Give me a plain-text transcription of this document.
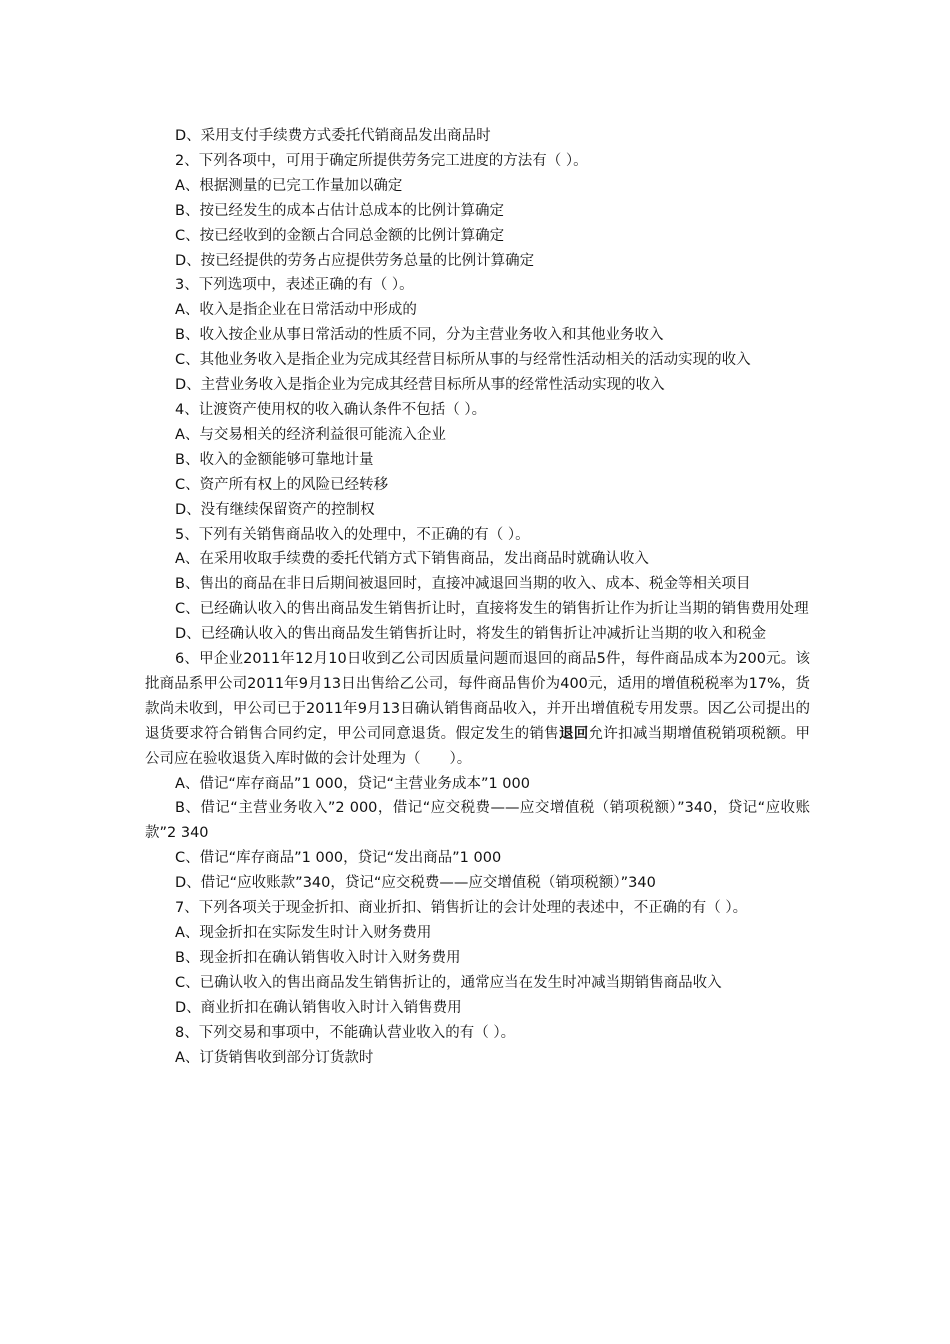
D、采用支付手续费方式委托代销商品发出商品时

2、下列各项中，可用于确定所提供劳务完工进度的方法有（ ）。

A、根据测量的已完工作量加以确定

B、按已经发生的成本占估计总成本的比例计算确定

C、按已经收到的金额占合同总金额的比例计算确定

D、按已经提供的劳务占应提供劳务总量的比例计算确定

3、下列选项中，表述正确的有（ ）。

A、收入是指企业在日常活动中形成的

B、收入按企业从事日常活动的性质不同，分为主营业务收入和其他业务收入

C、其他业务收入是指企业为完成其经营目标所从事的与经常性活动相关的活动实现的收入

D、主营业务收入是指企业为完成其经营目标所从事的经常性活动实现的收入

4、让渡资产使用权的收入确认条件不包括（ ）。

A、与交易相关的经济利益很可能流入企业

B、收入的金额能够可靠地计量

C、资产所有权上的风险已经转移

D、没有继续保留资产的控制权

5、下列有关销售商品收入的处理中，不正确的有（ ）。

A、在采用收取手续费的委托代销方式下销售商品，发出商品时就确认收入

B、售出的商品在非日后期间被退回时，直接冲减退回当期的收入、成本、税金等相关项目

C、已经确认收入的售出商品发生销售折让时，直接将发生的销售折让作为折让当期的销售费用处理

D、已经确认收入的售出商品发生销售折让时，将发生的销售折让冲减折让当期的收入和税金

6、甲企业2011年12月10日收到乙公司因质量问题而退回的商品5件，每件商品成本为200元。该批商品系甲公司2011年9月13日出售给乙公司，每件商品售价为400元，适用的增值税税率为17%，货款尚未收到，甲公司已于2011年9月13日确认销售商品收入，并开出增值税专用发票。因乙公司提出的退货要求符合销售合同约定，甲公司同意退货。假定发生的销售退回允许扣减当期增值税销项税额。甲公司应在验收退货入库时做的会计处理为（　　）。

A、借记“库存商品”1 000，贷记“主营业务成本”1 000

B、借记“主营业务收入”2 000，借记“应交税费——应交增值税（销项税额）”340，贷记“应收账款”2 340

C、借记“库存商品”1 000，贷记“发出商品”1 000

D、借记“应收账款”340，贷记“应交税费——应交增值税（销项税额）”340

7、下列各项关于现金折扣、商业折扣、销售折让的会计处理的表述中，不正确的有（ ）。

A、现金折扣在实际发生时计入财务费用

B、现金折扣在确认销售收入时计入财务费用

C、已确认收入的售出商品发生销售折让的，通常应当在发生时冲减当期销售商品收入

D、商业折扣在确认销售收入时计入销售费用

8、下列交易和事项中，不能确认营业收入的有（ ）。

A、订货销售收到部分订货款时
